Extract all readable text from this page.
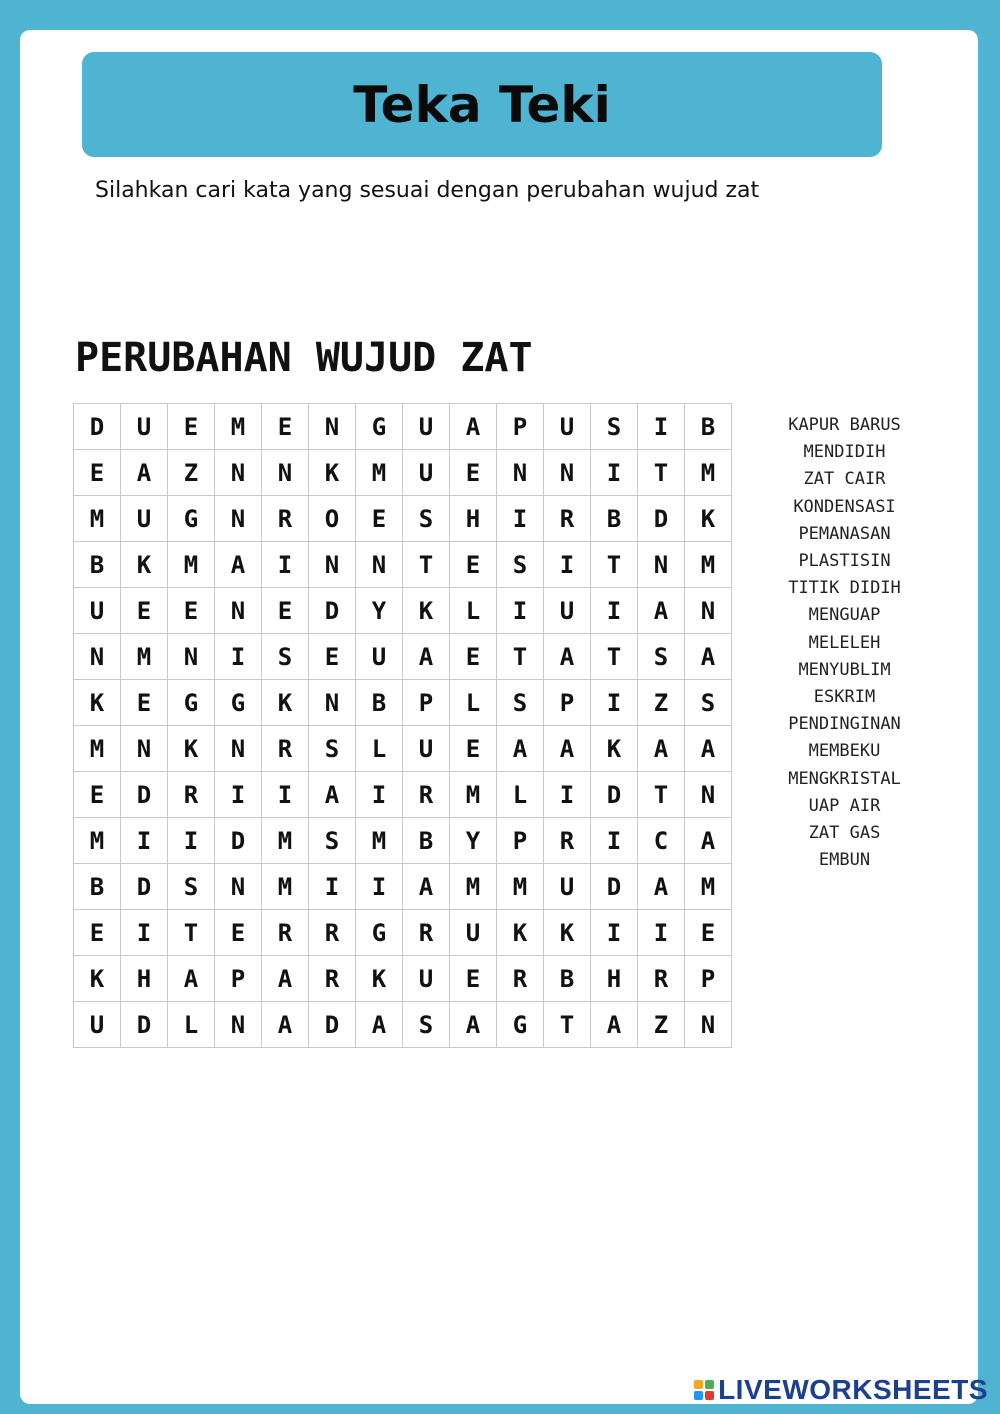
Teka Teki
Silahkan cari kata yang sesuai dengan perubahan wujud zat
PERUBAHAN WUJUD ZAT
D	U	E	M	E	N	G	U	A	P	U	S	I	B
E	A	Z	N	N	K	M	U	E	N	N	I	T	M
M	U	G	N	R	O	E	S	H	I	R	B	D	K
B	K	M	A	I	N	N	T	E	S	I	T	N	M
U	E	E	N	E	D	Y	K	L	I	U	I	A	N
N	M	N	I	S	E	U	A	E	T	A	T	S	A
K	E	G	G	K	N	B	P	L	S	P	I	Z	S
M	N	K	N	R	S	L	U	E	A	A	K	A	A
E	D	R	I	I	A	I	R	M	L	I	D	T	N
M	I	I	D	M	S	M	B	Y	P	R	I	C	A
B	D	S	N	M	I	I	A	M	M	U	D	A	M
E	I	T	E	R	R	G	R	U	K	K	I	I	E
K	H	A	P	A	R	K	U	E	R	B	H	R	P
U	D	L	N	A	D	A	S	A	G	T	A	Z	N
KAPUR BARUS
MENDIDIH
ZAT CAIR
KONDENSASI
PEMANASAN
PLASTISIN
TITIK DIDIH
MENGUAP
MELELEH
MENYUBLIM
ESKRIM
PENDINGINAN
MEMBEKU
MENGKRISTAL
UAP AIR
ZAT GAS
EMBUN
LIVEWORKSHEETS
